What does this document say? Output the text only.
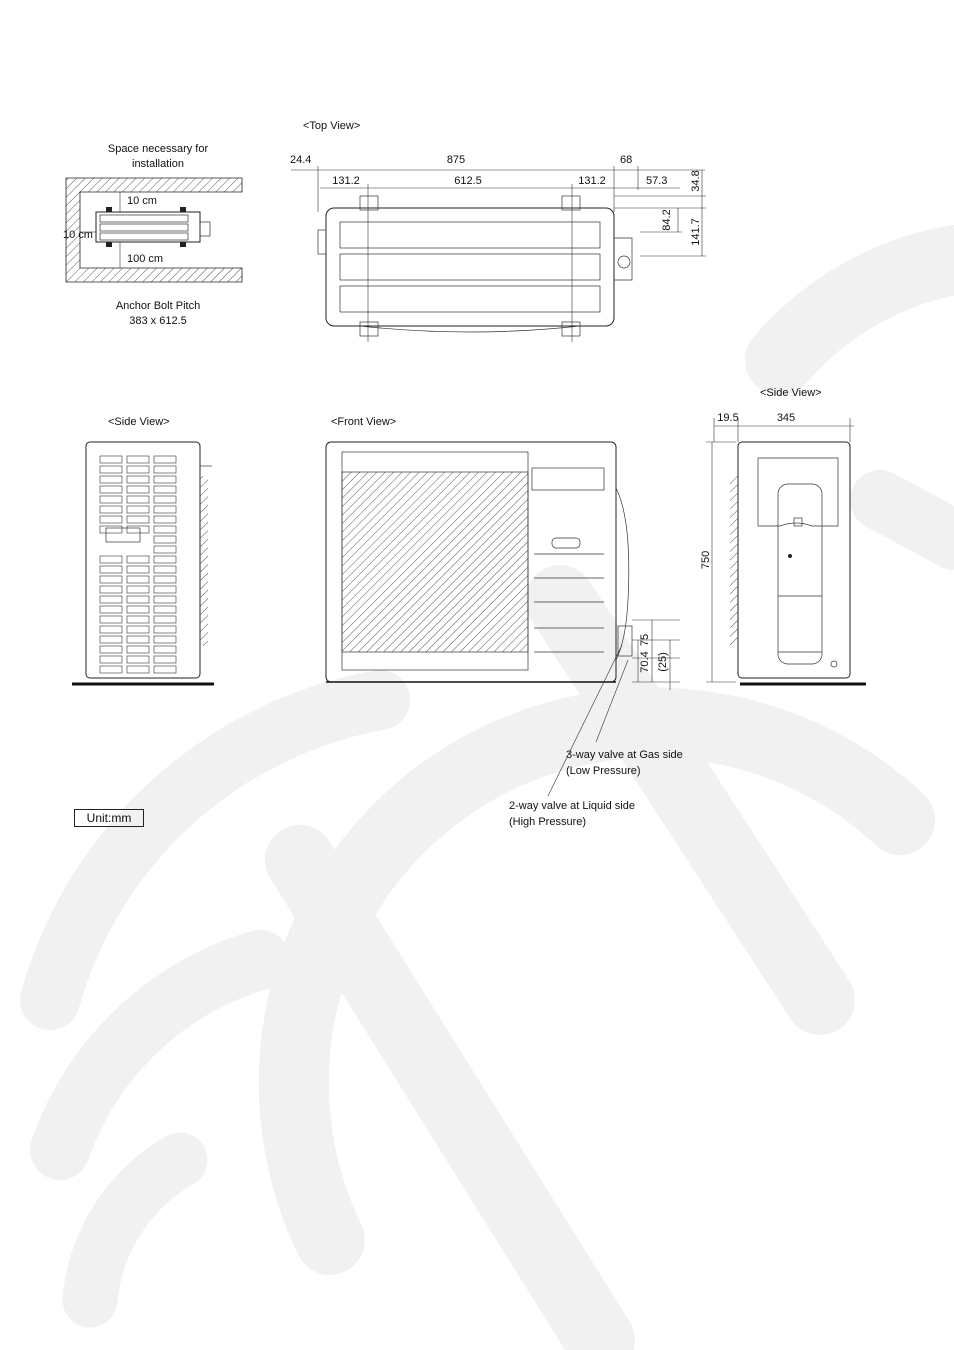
Space necessary for
installation
10 cm
10 cm
100 cm
Anchor Bolt Pitch
383 x 612.5
<Top View>
24.4	875	68
131.2	612.5	131.2	57.3 34.8
84.2 141.7
<Side View>	<Front View>
75
70.4 (25)
3-way valve at Gas side
(Low Pressure)
2-way valve at Liquid side
(High Pressure)
<Side View>
19.5	345
750
Unit:mm
